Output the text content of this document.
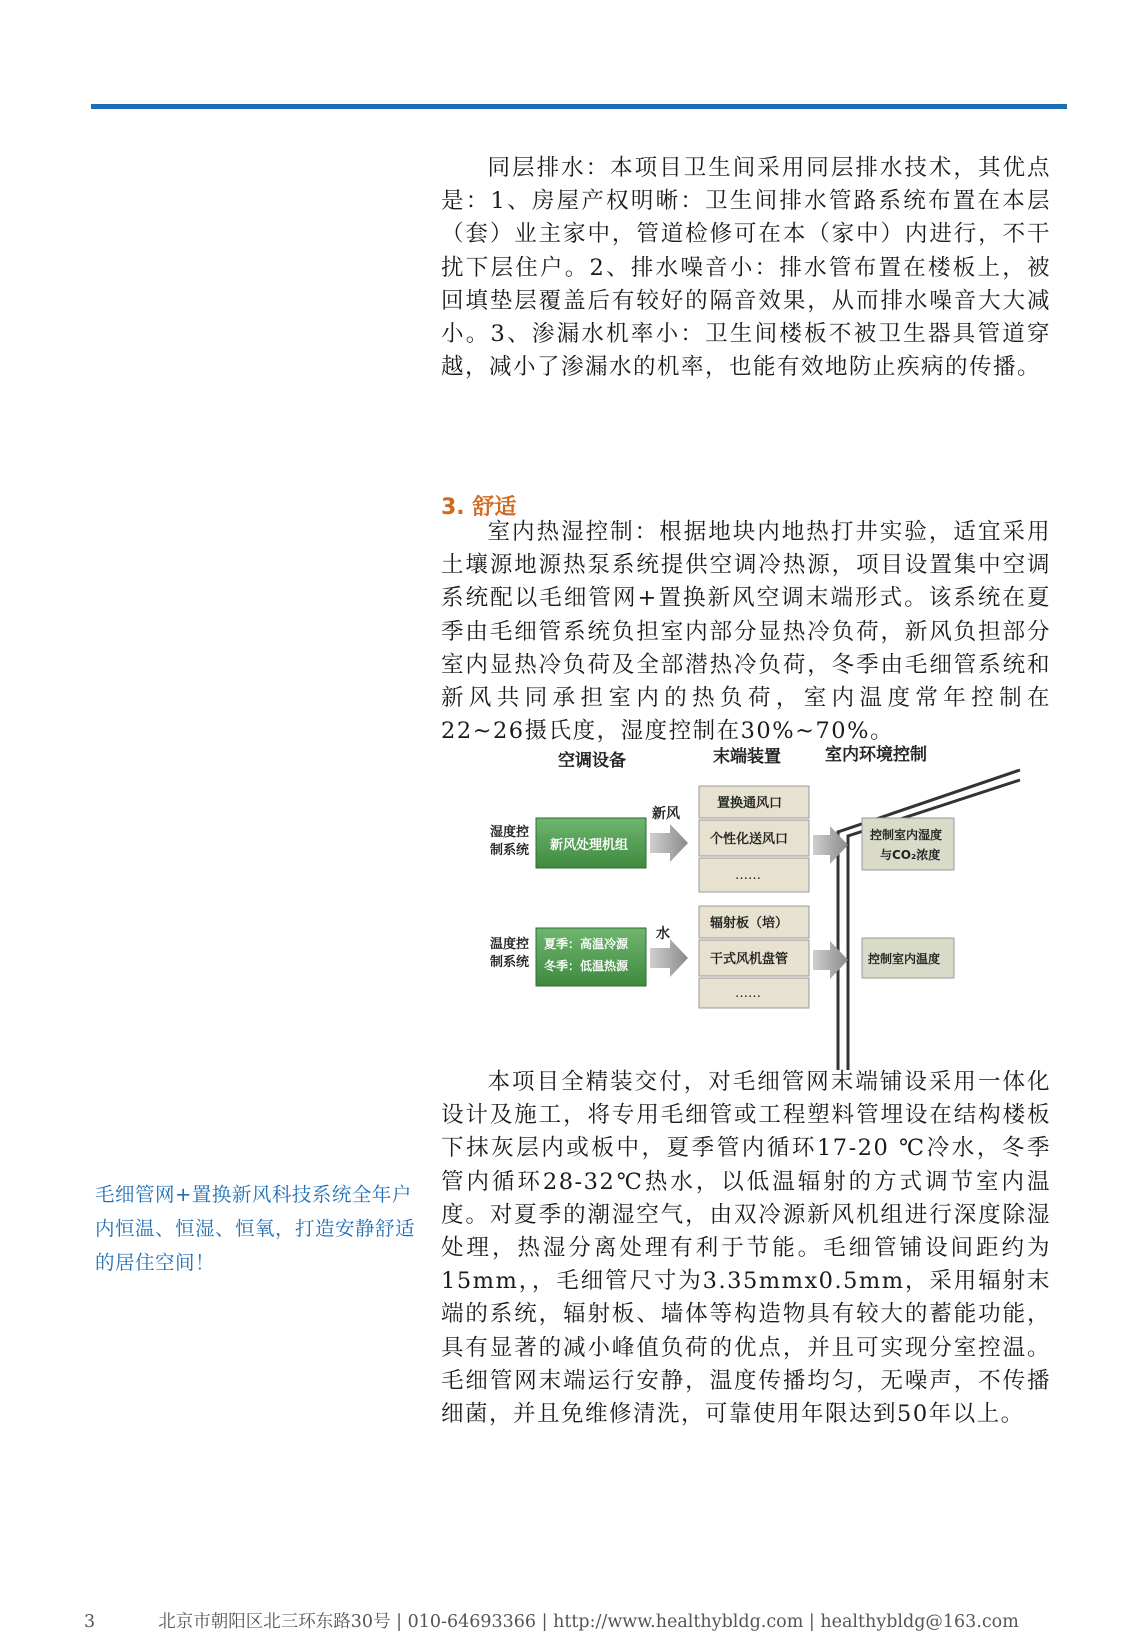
同层排水：本项目卫生间采用同层排水技术，其优点是：1、房屋产权明晰：卫生间排水管路系统布置在本层（套）业主家中，管道检修可在本（家中）内进行，不干扰下层住户。2、排水噪音小：排水管布置在楼板上，被回填垫层覆盖后有较好的隔音效果，从而排水噪音大大减小。3、渗漏水机率小：卫生间楼板不被卫生器具管道穿越，减小了渗漏水的机率，也能有效地防止疾病的传播。

3. 舒适

室内热湿控制：根据地块内地热打井实验，适宜采用土壤源地源热泵系统提供空调冷热源，项目设置集中空调系统配以毛细管网+置换新风空调末端形式。该系统在夏季由毛细管系统负担室内部分显热冷负荷，新风负担部分室内显热冷负荷及全部潜热冷负荷，冬季由毛细管系统和新风共同承担室内的热负荷，室内温度常年控制在22~26摄氏度，湿度控制在30%~70%。

空调设备	末端装置	室内环境控制
湿度控
制系统 新风处理机组
新风
置换通风口
个性化送风口
……
控制室内湿度
与CO₂浓度
温度控
制系统
夏季：高温冷源
冬季：低温热源
水
辐射板（培）
干式风机盘管
……
控制室内温度

本项目全精装交付，对毛细管网末端铺设采用一体化设计及施工，将专用毛细管或工程塑料管埋设在结构楼板下抹灰层内或板中，夏季管内循环17-20 ℃冷水，冬季管内循环28-32℃热水，以低温辐射的方式调节室内温度。对夏季的潮湿空气，由双冷源新风机组进行深度除湿处理，热湿分离处理有利于节能。毛细管铺设间距约为15mm，，毛细管尺寸为3.35mmx0.5mm，采用辐射末端的系统，辐射板、墙体等构造物具有较大的蓄能功能，具有显著的减小峰值负荷的优点，并且可实现分室控温。毛细管网末端运行安静，温度传播均匀，无噪声，不传播细菌，并且免维修清洗，可靠使用年限达到50年以上。

毛细管网+置换新风科技系统全年户内恒温、恒湿、恒氧，打造安静舒适的居住空间！
3	北京市朝阳区北三环东路30号 | 010-64693366 | http://www.healthybldg.com | healthybldg@163.com
